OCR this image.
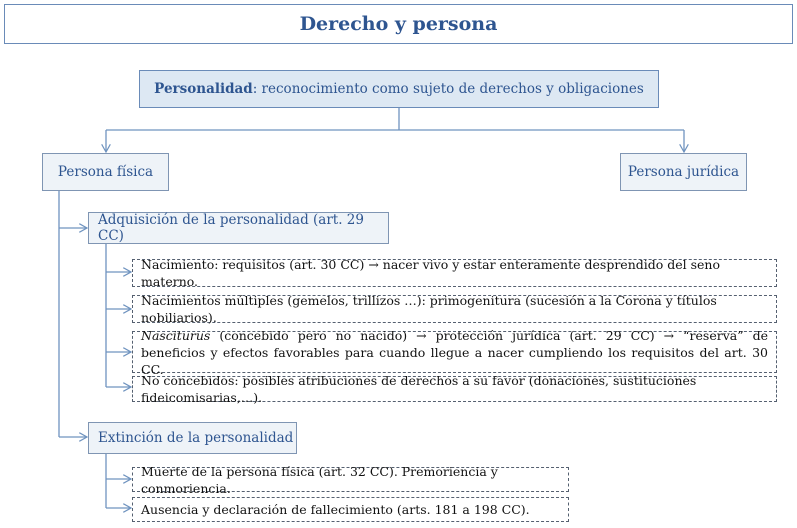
Derecho y persona
Personalidad: reconocimiento como sujeto de derechos y obligaciones
Persona física	Persona jurídica
Adquisición de la personalidad (art. 29 CC)
Nacimiento: requisitos (art. 30 CC) → nacer vivo y estar enteramente desprendido del seno materno.
Nacimientos múltiples (gemelos, trillizos …): primogenitura (sucesión a la Corona y títulos nobiliarios).
Nasciturus (concebido pero no nacido) → protección jurídica (art. 29 CC) → “reserva” de beneficios y efectos favorables para cuando llegue a nacer cumpliendo los requisitos del art. 30 CC.
No concebidos: posibles atribuciones de derechos a su favor (donaciones, sustituciones fideicomisarias,…).
Extinción de la personalidad
Muerte de la persona física (art. 32 CC). Premoriencia y conmoriencia.
Ausencia y declaración de fallecimiento (arts. 181 a 198 CC).
